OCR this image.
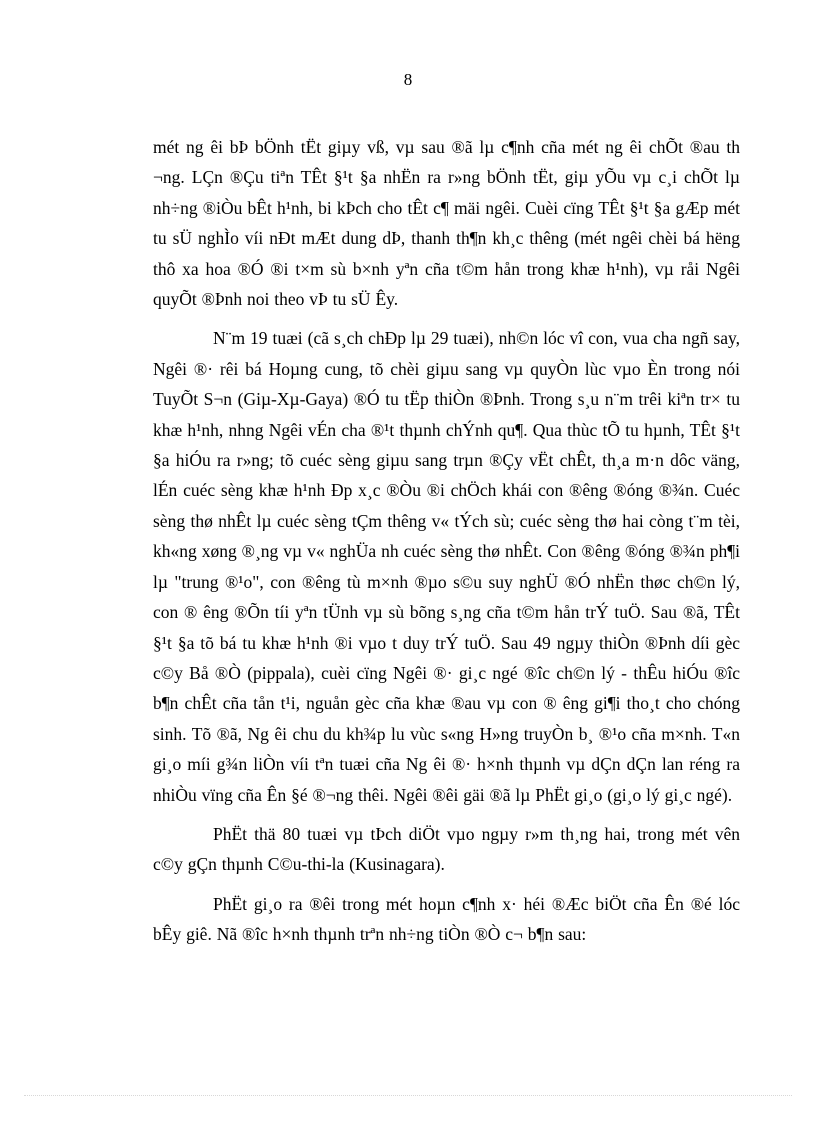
8

mét ng êi bÞ bÖnh tËt giµy vß, vµ sau ®ã lµ c¶nh cña mét ng êi chÕt ®au th ¬ng. LÇn ®Çu tiªn TÊt §¹t §a nhËn ra r»ng bÖnh tËt, giµ yÕu vµ c¸i chÕt lµ nh÷ng ®iÒu bÊt h¹nh, bi kÞch cho tÊt c¶ mäi ngêi. Cuèi cïng TÊt §¹t §a gÆp mét tu sÜ nghÌo víi nÐt mÆt dung dÞ, thanh th¶n kh¸c thêng (mét ngêi chèi bá hëng thô xa hoa ®Ó ®i t×m sù b×nh yªn cña t©m hån trong khæ h¹nh), vµ råi Ngêi quyÕt ®Þnh noi theo vÞ tu sÜ Êy.

N¨m 19 tuæi (cã s¸ch chÐp lµ 29 tuæi), nh©n lóc vî con, vua cha ngñ say, Ngêi ®· rêi bá Hoµng cung, tõ chèi giµu sang vµ quyÒn lùc vµo Èn trong nói TuyÕt S¬n (Giµ-Xµ-Gaya) ®Ó tu tËp thiÒn ®Þnh. Trong s¸u n¨m trêi kiªn tr× tu khæ h¹nh, nhng Ngêi vÉn cha ®¹t thµnh chÝnh qu¶. Qua thùc tÕ tu hµnh, TÊt §¹t §a hiÓu ra r»ng; tõ cuéc sèng giµu sang trµn ®Çy vËt chÊt, th¸a m·n dôc väng, lÉn cuéc sèng khæ h¹nh Ðp x¸c ®Òu ®i chÖch khái con ®êng ®óng ®¾n. Cuéc sèng thø nhÊt lµ cuéc sèng tÇm thêng v« tÝch sù; cuéc sèng thø hai còng t¨m tèi, kh«ng xøng ®¸ng vµ v« nghÜa nh cuéc sèng thø nhÊt. Con ®êng ®óng ®¾n ph¶i lµ "trung ®¹o", con ®êng tù m×nh ®µo s©u suy nghÜ ®Ó nhËn thøc ch©n lý, con ® êng ®Õn tíi yªn tÜnh vµ sù bõng s¸ng cña t©m hån trÝ tuÖ. Sau ®ã, TÊt §¹t §a tõ bá tu khæ h¹nh ®i vµo t duy trÝ tuÖ. Sau 49 ngµy thiÒn ®Þnh díi gèc c©y Bå ®Ò (pippala), cuèi cïng Ngêi ®· gi¸c ngé ®îc ch©n lý - thÊu hiÓu ®îc b¶n chÊt cña tån t¹i, nguån gèc cña khæ ®au vµ con ® êng gi¶i tho¸t cho chóng sinh. Tõ ®ã, Ng êi chu du kh¾p lu vùc s«ng H»ng truyÒn b¸ ®¹o cña m×nh. T«n gi¸o míi g¾n liÒn víi tªn tuæi cña Ng êi ®· h×nh thµnh vµ dÇn dÇn lan réng ra nhiÒu vïng cña Ên §é ®¬ng thêi. Ngêi ®êi gäi ®ã lµ PhËt gi¸o (gi¸o lý gi¸c ngé).

PhËt thä 80 tuæi vµ tÞch diÖt vµo ngµy r»m th¸ng hai, trong mét vên c©y gÇn thµnh C©u-thi-la (Kusinagara).

PhËt gi¸o ra ®êi trong mét hoµn c¶nh x· héi ®Æc biÖt cña Ên ®é lóc bÊy giê. Nã ®îc h×nh thµnh trªn nh÷ng tiÒn ®Ò c¬ b¶n sau:
